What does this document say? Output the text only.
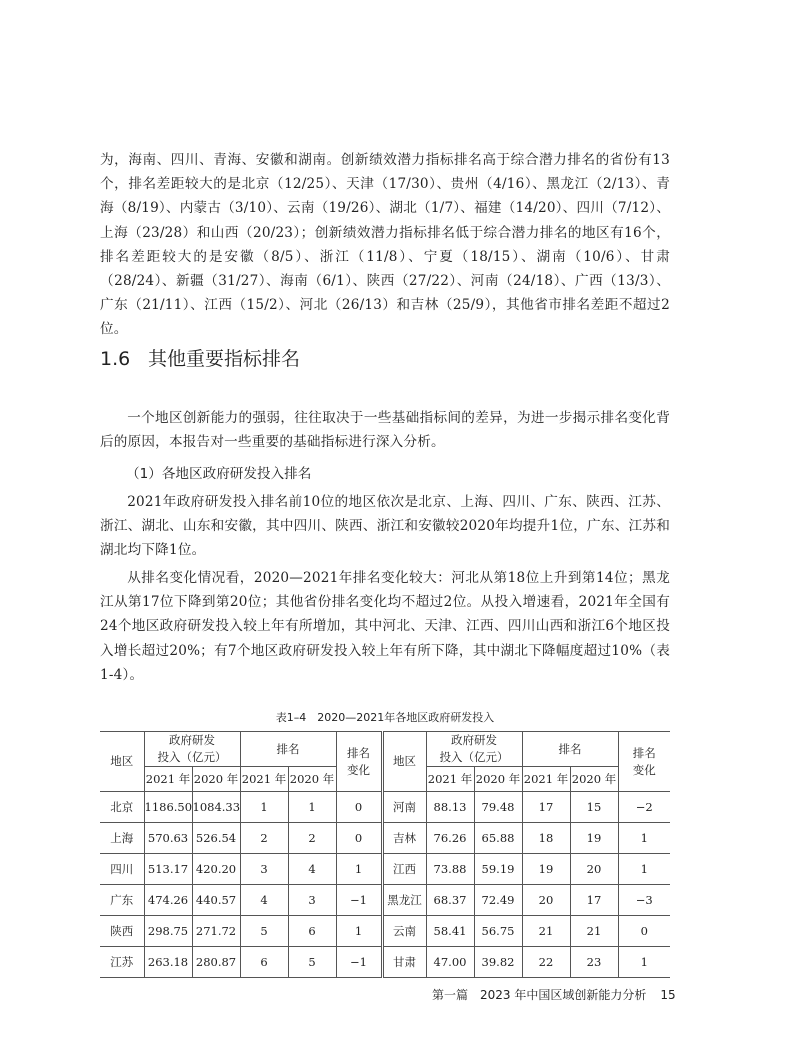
为，海南、四川、青海、安徽和湖南。创新绩效潜力指标排名高于综合潜力排名的省份有13个，排名差距较大的是北京（12/25）、天津（17/30）、贵州（4/16）、黑龙江（2/13）、青海（8/19）、内蒙古（3/10）、云南（19/26）、湖北（1/7）、福建（14/20）、四川（7/12）、上海（23/28）和山西（20/23）；创新绩效潜力指标排名低于综合潜力排名的地区有16个，排名差距较大的是安徽（8/5）、浙江（11/8）、宁夏（18/15）、湖南（10/6）、甘肃（28/24）、新疆（31/27）、海南（6/1）、陕西（27/22）、河南（24/18）、广西（13/3）、广东（21/11）、江西（15/2）、河北（26/13）和吉林（25/9），其他省市排名差距不超过2位。

1.6 其他重要指标排名

一个地区创新能力的强弱，往往取决于一些基础指标间的差异，为进一步揭示排名变化背后的原因，本报告对一些重要的基础指标进行深入分析。

（1）各地区政府研发投入排名

2021年政府研发投入排名前10位的地区依次是北京、上海、四川、广东、陕西、江苏、浙江、湖北、山东和安徽，其中四川、陕西、浙江和安徽较2020年均提升1位，广东、江苏和湖北均下降1位。

从排名变化情况看，2020—2021年排名变化较大：河北从第18位上升到第14位；黑龙江从第17位下降到第20位；其他省份排名变化均不超过2位。从投入增速看，2021年全国有24个地区政府研发投入较上年有所增加，其中河北、天津、江西、四川山西和浙江6个地区投入增长超过20%；有7个地区政府研发投入较上年有所下降，其中湖北下降幅度超过10%（表1-4）。

表1–4　2020—2021年各地区政府研发投入

地区	政府研发
投入（亿元）		排名		排名
变化	地区	政府研发
投入（亿元）		排名		排名
变化
	2021 年	2020 年	2021 年	2020 年			2021 年	2020 年	2021 年	2020 年	
北京	1186.50	1084.33	1	1	0	河南	88.13	79.48	17	15	−2
上海	570.63	526.54	2	2	0	吉林	76.26	65.88	18	19	1
四川	513.17	420.20	3	4	1	江西	73.88	59.19	19	20	1
广东	474.26	440.57	4	3	−1	黑龙江	68.37	72.49	20	17	−3
陕西	298.75	271.72	5	6	1	云南	58.41	56.75	21	21	0
江苏	263.18	280.87	6	5	−1	甘肃	47.00	39.82	22	23	1

第一篇　2023 年中国区域创新能力分析 15
